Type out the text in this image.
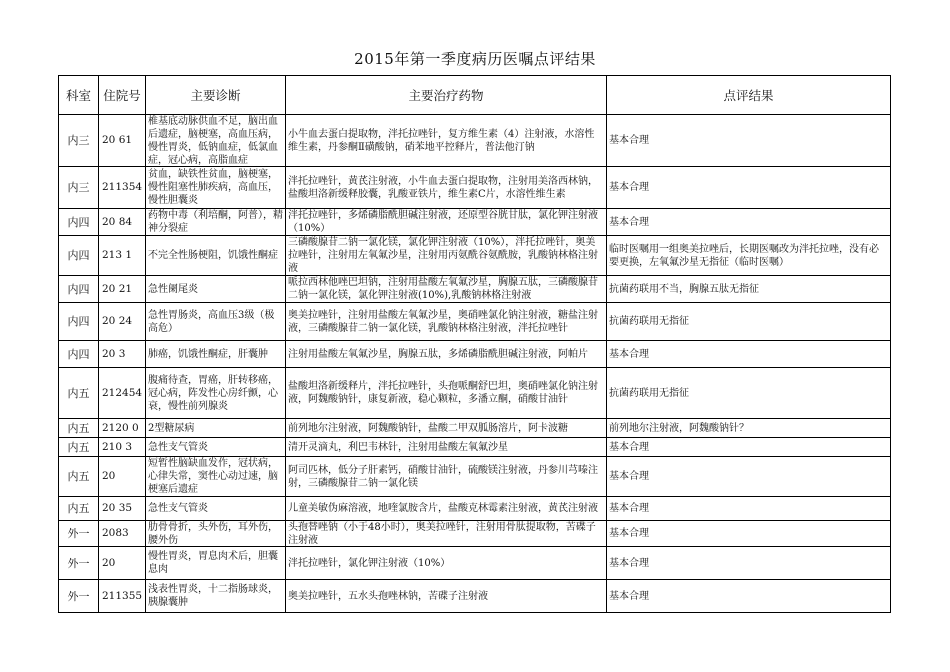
2015年第一季度病历医嘱点评结果
科室	住院号	主要诊断	主要治疗药物	点评结果

内三	20 61	椎基底动脉供血不足，脑出血后遗症，脑梗塞，高血压病，慢性胃炎，低钠血症，低氯血症，冠心病，高脂血症	小牛血去蛋白提取物，泮托拉唑针，复方维生素（4）注射液，水溶性维生素，丹参酮Ⅱ磺酸钠，硝苯地平控释片，普法他汀钠	基本合理

内三	211354	贫血，缺铁性贫血，脑梗塞，慢性阻塞性肺疾病，高血压，慢性胆囊炎	泮托拉唑针，黄芪注射液，小牛血去蛋白提取物，注射用美洛西林钠，盐酸坦洛新缓释胶囊，乳酸亚铁片，维生素C片，水溶性维生素	基本合理

内四	20 84	药物中毒（利培酮，阿普），精神分裂症	泮托拉唑针，多烯磷脂酰胆碱注射液，还原型谷胱甘肽，氯化钾注射液（10%）	基本合理

内四	213 1	不完全性肠梗阻，饥饿性酮症	三磷酸腺苷二钠一氯化镁，氯化钾注射液（10%），泮托拉唑针，奥美拉唑针，注射用左氧氟沙星，注射用丙氨酰谷氨酰胺，乳酸钠林格注射液	临时医嘱用一组奥美拉唑后，长期医嘱改为泮托拉唑，没有必要更换，左氧氟沙星无指征（临时医嘱）

内四	20 21	急性阑尾炎	哌拉西林他唑巴坦钠，注射用盐酸左氧氟沙星，胸腺五肽，三磷酸腺苷二钠一氯化镁，氯化钾注射液(10%),乳酸钠林格注射液	抗菌药联用不当，胸腺五肽无指征

内四	20 24	急性胃肠炎，高血压3级（极高危）	奥美拉唑针，注射用盐酸左氧氟沙星，奥硝唑氯化钠注射液，糖盐注射液，三磷酸腺苷二钠一氯化镁，乳酸钠林格注射液，泮托拉唑针	抗菌药联用无指征

内四	20 3	肺癌，饥饿性酮症，肝囊肿	注射用盐酸左氧氟沙星，胸腺五肽，多烯磷脂酰胆碱注射液，阿帕片	基本合理

内五	212454	腹痛待查，胃癌，肝转移癌，冠心病，阵发性心房纤颤，心衰，慢性前列腺炎	盐酸坦洛新缓释片，泮托拉唑针，头孢哌酮舒巴坦，奥硝唑氯化钠注射液，阿魏酸钠针，康复新液，稳心颗粒，多潘立酮，硝酸甘油针	抗菌药联用无指征

内五	2120 0	2型糖尿病	前列地尔注射液，阿魏酸钠针，盐酸二甲双胍肠溶片，阿卡波糖	前列地尔注射液，阿魏酸钠针？

内五	210 3	急性支气管炎	清开灵滴丸，利巴韦林针，注射用盐酸左氧氟沙星	基本合理

内五	20	短暂性脑缺血发作，冠状病，心律失常，窦性心动过速，脑梗塞后遗症	阿司匹林，低分子肝素钙，硝酸甘油针，硫酸镁注射液，丹参川芎嗪注射，三磷酸腺苷二钠一氯化镁	基本合理

内五	20 35	急性支气管炎	儿童美敏伪麻溶液，地喹氯胺含片，盐酸克林霉素注射液，黄芪注射液	基本合理

外一	2083	肋骨骨折，头外伤，耳外伤，腰外伤	头孢替唑钠（小于48小时），奥美拉唑针，注射用骨肽提取物，苦碟子注射液	基本合理

外一	20	慢性胃炎，胃息肉术后，胆囊息肉	泮托拉唑针，氯化钾注射液（10%）	基本合理

外一	211355	浅表性胃炎，十二指肠球炎，胰腺囊肿	奥美拉唑针，五水头孢唑林钠，苦碟子注射液	基本合理
